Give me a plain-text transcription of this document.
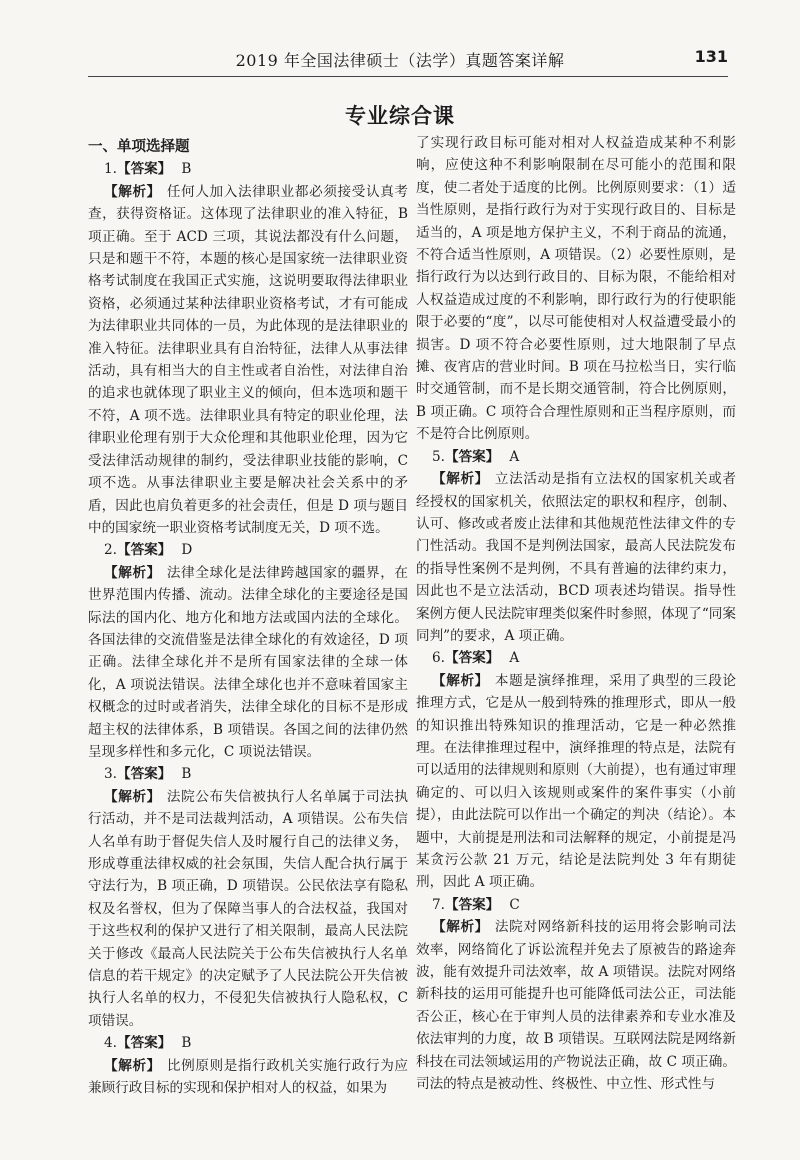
2019 年全国法律硕士（法学）真题答案详解	131
专业综合课

一、单项选择题

1.【答案】 B

【解析】 任何人加入法律职业都必须接受认真考查，获得资格证。这体现了法律职业的准入特征，B 项正确。至于 ACD 三项，其说法都没有什么问题，只是和题干不符，本题的核心是国家统一法律职业资格考试制度在我国正式实施，这说明要取得法律职业资格，必须通过某种法律职业资格考试，才有可能成为法律职业共同体的一员，为此体现的是法律职业的准入特征。法律职业具有自治特征，法律人从事法律活动，具有相当大的自主性或者自治性，对法律自治的追求也就体现了职业主义的倾向，但本选项和题干不符，A 项不选。法律职业具有特定的职业伦理，法律职业伦理有别于大众伦理和其他职业伦理，因为它受法律活动规律的制约，受法律职业技能的影响，C 项不选。从事法律职业主要是解决社会关系中的矛盾，因此也肩负着更多的社会责任，但是 D 项与题目中的国家统一职业资格考试制度无关，D 项不选。

2.【答案】 D

【解析】 法律全球化是法律跨越国家的疆界，在世界范围内传播、流动。法律全球化的主要途径是国际法的国内化、地方化和地方法或国内法的全球化。各国法律的交流借鉴是法律全球化的有效途径，D 项正确。法律全球化并不是所有国家法律的全球一体化，A 项说法错误。法律全球化也并不意味着国家主权概念的过时或者消失，法律全球化的目标不是形成超主权的法律体系，B 项错误。各国之间的法律仍然呈现多样性和多元化，C 项说法错误。

3.【答案】 B

【解析】 法院公布失信被执行人名单属于司法执行活动，并不是司法裁判活动，A 项错误。公布失信人名单有助于督促失信人及时履行自己的法律义务，形成尊重法律权威的社会氛围，失信人配合执行属于守法行为，B 项正确，D 项错误。公民依法享有隐私权及名誉权，但为了保障当事人的合法权益，我国对于这些权利的保护又进行了相关限制，最高人民法院关于修改《最高人民法院关于公布失信被执行人名单信息的若干规定》的决定赋予了人民法院公开失信被执行人名单的权力，不侵犯失信被执行人隐私权，C 项错误。

4.【答案】 B

【解析】 比例原则是指行政机关实施行政行为应兼顾行政目标的实现和保护相对人的权益，如果为

了实现行政目标可能对相对人权益造成某种不利影响，应使这种不利影响限制在尽可能小的范围和限度，使二者处于适度的比例。比例原则要求：（1）适当性原则，是指行政行为对于实现行政目的、目标是适当的，A 项是地方保护主义，不利于商品的流通，不符合适当性原则，A 项错误。（2）必要性原则，是指行政行为以达到行政目的、目标为限，不能给相对人权益造成过度的不利影响，即行政行为的行使职能限于必要的“度”，以尽可能使相对人权益遭受最小的损害。D 项不符合必要性原则，过大地限制了早点摊、夜宵店的营业时间。B 项在马拉松当日，实行临时交通管制，而不是长期交通管制，符合比例原则，B 项正确。C 项符合合理性原则和正当程序原则，而不是符合比例原则。

5.【答案】 A

【解析】 立法活动是指有立法权的国家机关或者经授权的国家机关，依照法定的职权和程序，创制、认可、修改或者废止法律和其他规范性法律文件的专门性活动。我国不是判例法国家，最高人民法院发布的指导性案例不是判例，不具有普遍的法律约束力，因此也不是立法活动，BCD 项表述均错误。指导性案例方便人民法院审理类似案件时参照，体现了“同案同判”的要求，A 项正确。

6.【答案】 A

【解析】 本题是演绎推理，采用了典型的三段论推理方式，它是从一般到特殊的推理形式，即从一般的知识推出特殊知识的推理活动，它是一种必然推理。在法律推理过程中，演绎推理的特点是，法院有可以适用的法律规则和原则（大前提），也有通过审理确定的、可以归入该规则或案件的案件事实（小前提），由此法院可以作出一个确定的判决（结论）。本题中，大前提是刑法和司法解释的规定，小前提是冯某贪污公款 21 万元，结论是法院判处 3 年有期徒刑，因此 A 项正确。

7.【答案】 C

【解析】 法院对网络新科技的运用将会影响司法效率，网络简化了诉讼流程并免去了原被告的路途奔波，能有效提升司法效率，故 A 项错误。法院对网络新科技的运用可能提升也可能降低司法公正，司法能否公正，核心在于审判人员的法律素养和专业水准及依法审判的力度，故 B 项错误。互联网法院是网络新科技在司法领域运用的产物说法正确，故 C 项正确。司法的特点是被动性、终极性、中立性、形式性与
